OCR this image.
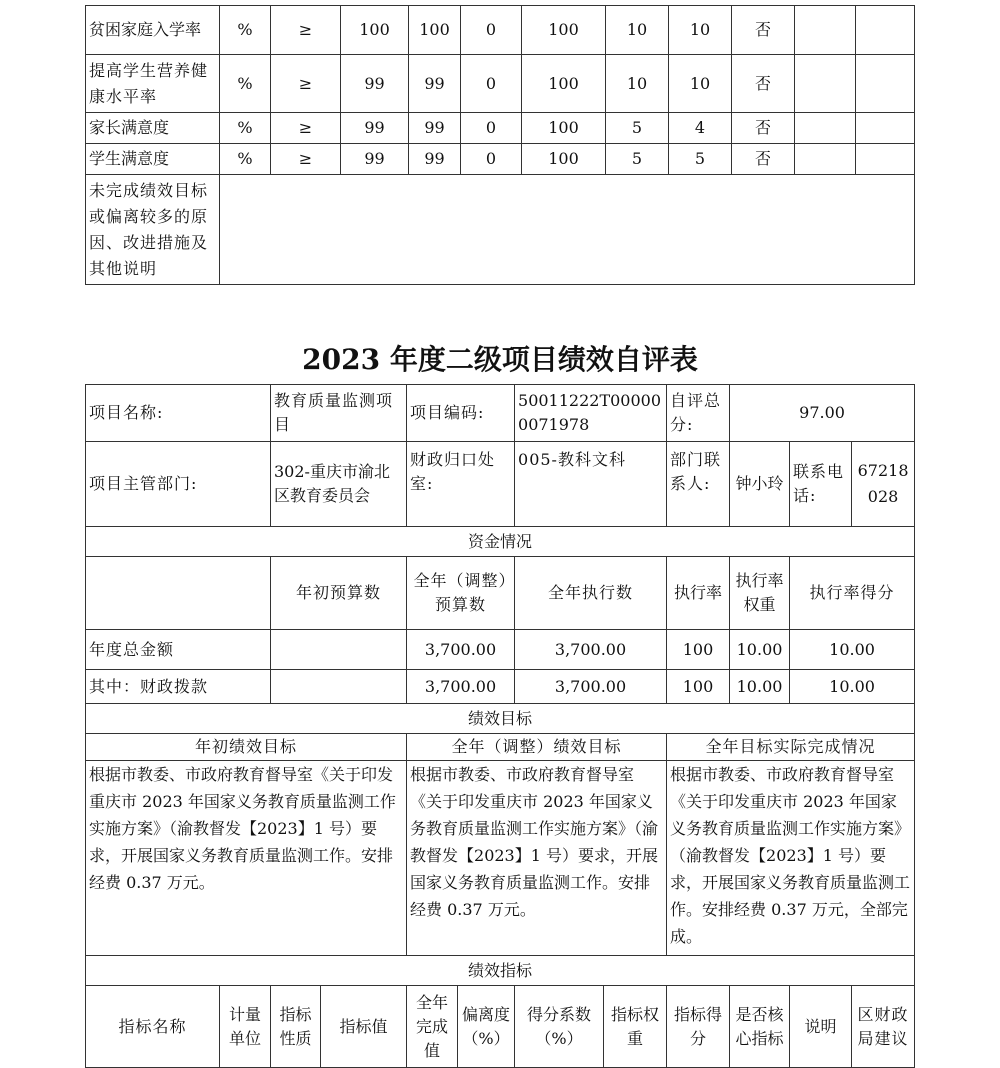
贫困家庭入学率	%	≥	100	100	0	100	10	10	否		
提高学生营养健康水平率	%	≥	99	99	0	100	10	10	否		
家长满意度	%	≥	99	99	0	100	5	4	否		
学生满意度	%	≥	99	99	0	100	5	5	否		
未完成绩效目标或偏离较多的原因、改进措施及其他说明											
2023 年度二级项目绩效自评表
项目名称:		教育质量监测项目		项目编码:		50011222T000000071978		自评总分:	97.00		
项目主管部门:		302-重庆市渝北区教育委员会		财政归口处室:		005-教科文科		部门联系人:	钟小玲	联系电话:	67218028
资金情况											
		年初预算数		全年（调整）预算数		全年执行数		执行率	执行率权重	执行率得分	
年度总金额				3,700.00		3,700.00		100	10.00	10.00	
其中：财政拨款				3,700.00		3,700.00		100	10.00	10.00	
绩效目标											
年初绩效目标				全年（调整）绩效目标				全年目标实际完成情况			
根据市教委、市政府教育督导室《关于印发重庆市 2023 年国家义务教育质量监测工作实施方案》（渝教督发【2023】1 号）要求，开展国家义务教育质量监测工作。安排经费 0.37 万元。				根据市教委、市政府教育督导室《关于印发重庆市 2023 年国家义务教育质量监测工作实施方案》（渝教督发【2023】1 号）要求，开展国家义务教育质量监测工作。安排经费 0.37 万元。				根据市教委、市政府教育督导室《关于印发重庆市 2023 年国家义务教育质量监测工作实施方案》（渝教督发【2023】1 号）要求，开展国家义务教育质量监测工作。安排经费 0.37 万元，全部完成。			
绩效指标											
指标名称	计量单位	指标性质	指标值	全年完成值	偏离度（%）	得分系数（%）	指标权重	指标得分	是否核心指标	说明	区财政局建议
